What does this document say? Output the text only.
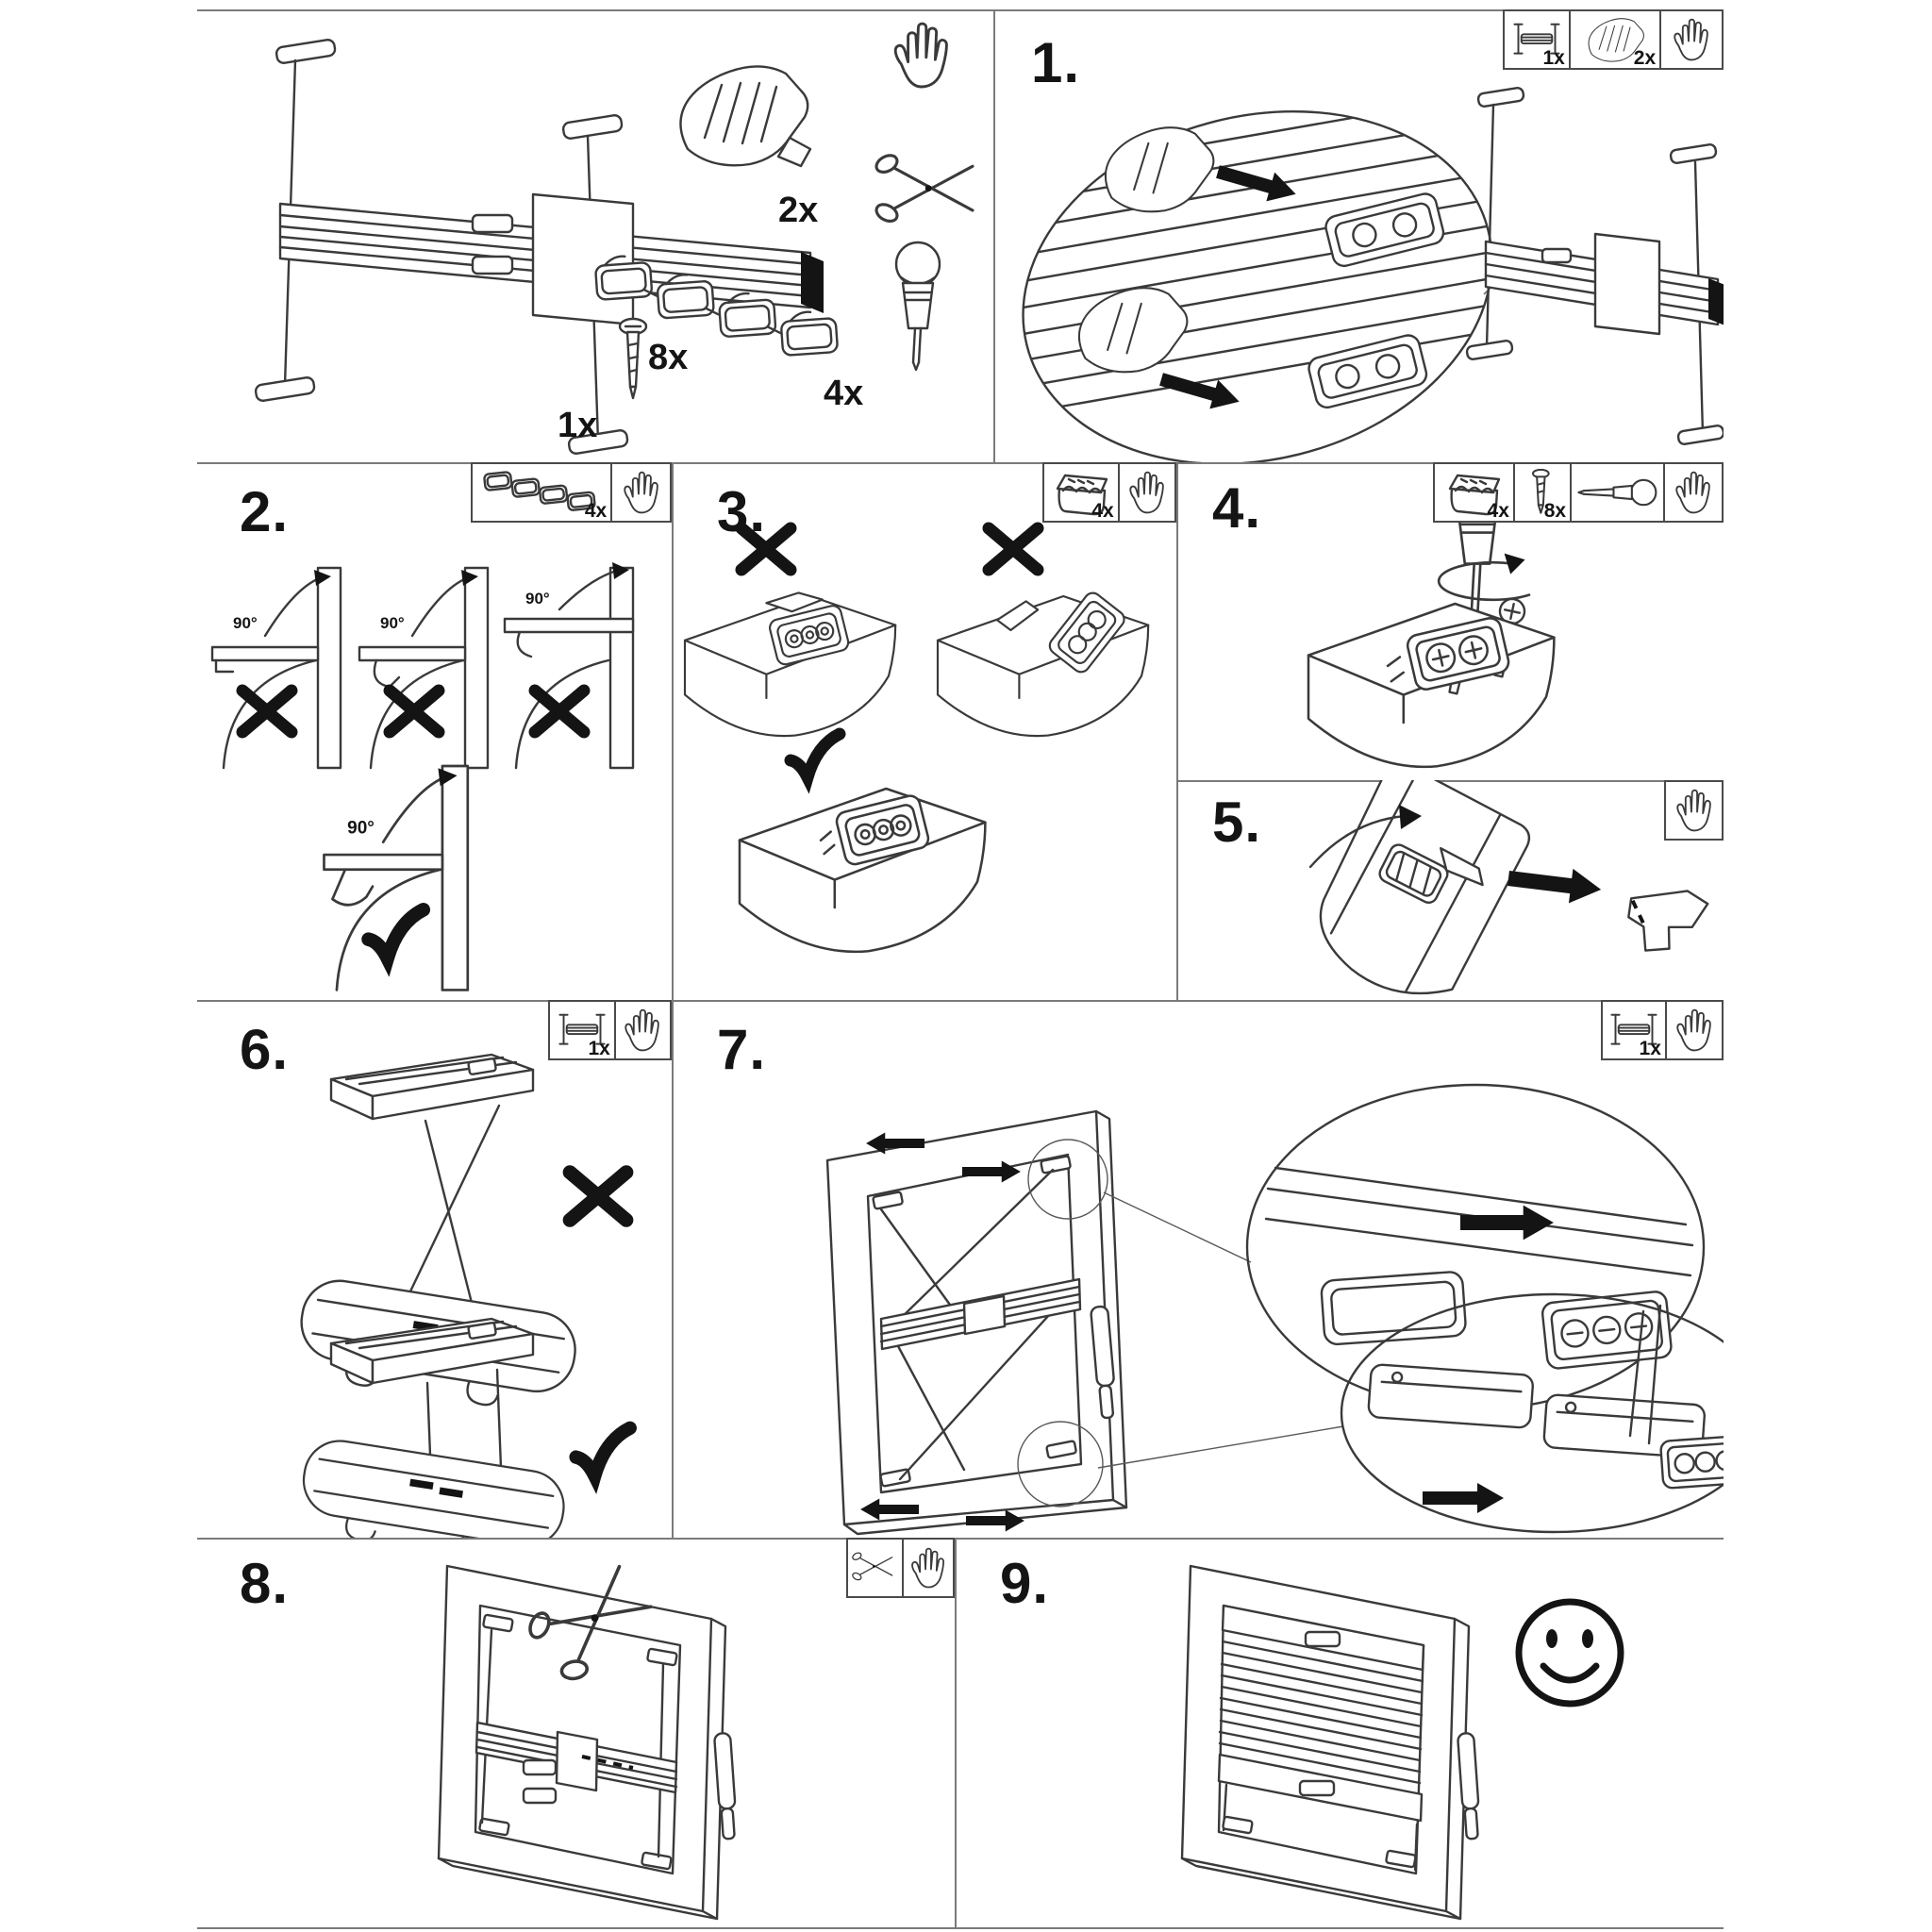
1x
2x
4x
8x
1.	1x	2x
2.	4x
90°	90°
90°
90°
3.	4x 4.	4x 8x
5.
6.	1x 7.	1x
8.	9.
